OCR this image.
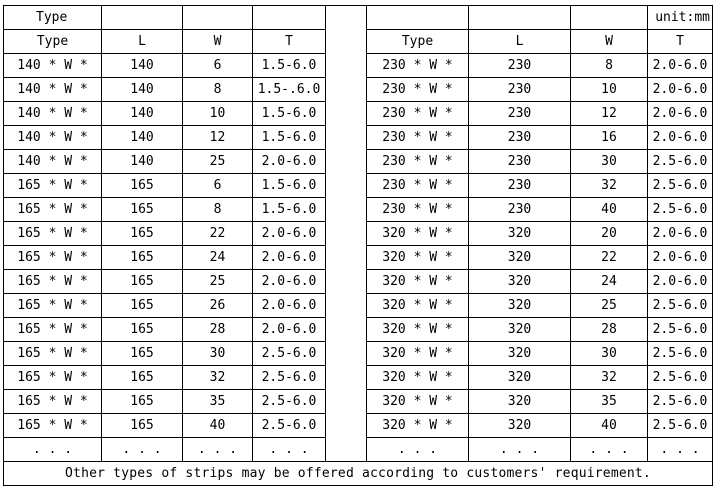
Type								unit:mm
Type	L	W	T		Type	L	W	T
140 * W *	140	6	1.5-6.0		230 * W *	230	8	2.0-6.0
140 * W *	140	8	1.5-.6.0		230 * W *	230	10	2.0-6.0
140 * W *	140	10	1.5-6.0		230 * W *	230	12	2.0-6.0
140 * W *	140	12	1.5-6.0		230 * W *	230	16	2.0-6.0
140 * W *	140	25	2.0-6.0		230 * W *	230	30	2.5-6.0
165 * W *	165	6	1.5-6.0		230 * W *	230	32	2.5-6.0
165 * W *	165	8	1.5-6.0		230 * W *	230	40	2.5-6.0
165 * W *	165	22	2.0-6.0		320 * W *	320	20	2.0-6.0
165 * W *	165	24	2.0-6.0		320 * W *	320	22	2.0-6.0
165 * W *	165	25	2.0-6.0		320 * W *	320	24	2.0-6.0
165 * W *	165	26	2.0-6.0		320 * W *	320	25	2.5-6.0
165 * W *	165	28	2.0-6.0		320 * W *	320	28	2.5-6.0
165 * W *	165	30	2.5-6.0		320 * W *	320	30	2.5-6.0
165 * W *	165	32	2.5-6.0		320 * W *	320	32	2.5-6.0
165 * W *	165	35	2.5-6.0		320 * W *	320	35	2.5-6.0
165 * W *	165	40	2.5-6.0		320 * W *	320	40	2.5-6.0
. . .	. . .	. . .	. . .		. . .	. . .	. . .	. . .
Other types of strips may be offered according to customers' requirement.								
